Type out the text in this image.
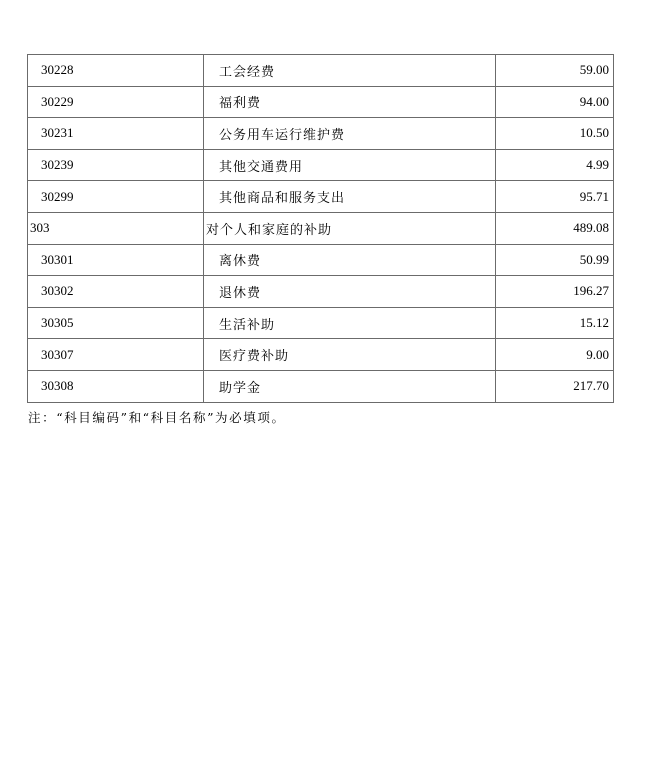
30228	工会经费	59.00
30229	福利费	94.00
30231	公务用车运行维护费	10.50
30239	其他交通费用	4.99
30299	其他商品和服务支出	95.71
303	对个人和家庭的补助	489.08
30301	离休费	50.99
30302	退休费	196.27
30305	生活补助	15.12
30307	医疗费补助	9.00
30308	助学金	217.70
注：“科目编码”和“科目名称”为必填项。
